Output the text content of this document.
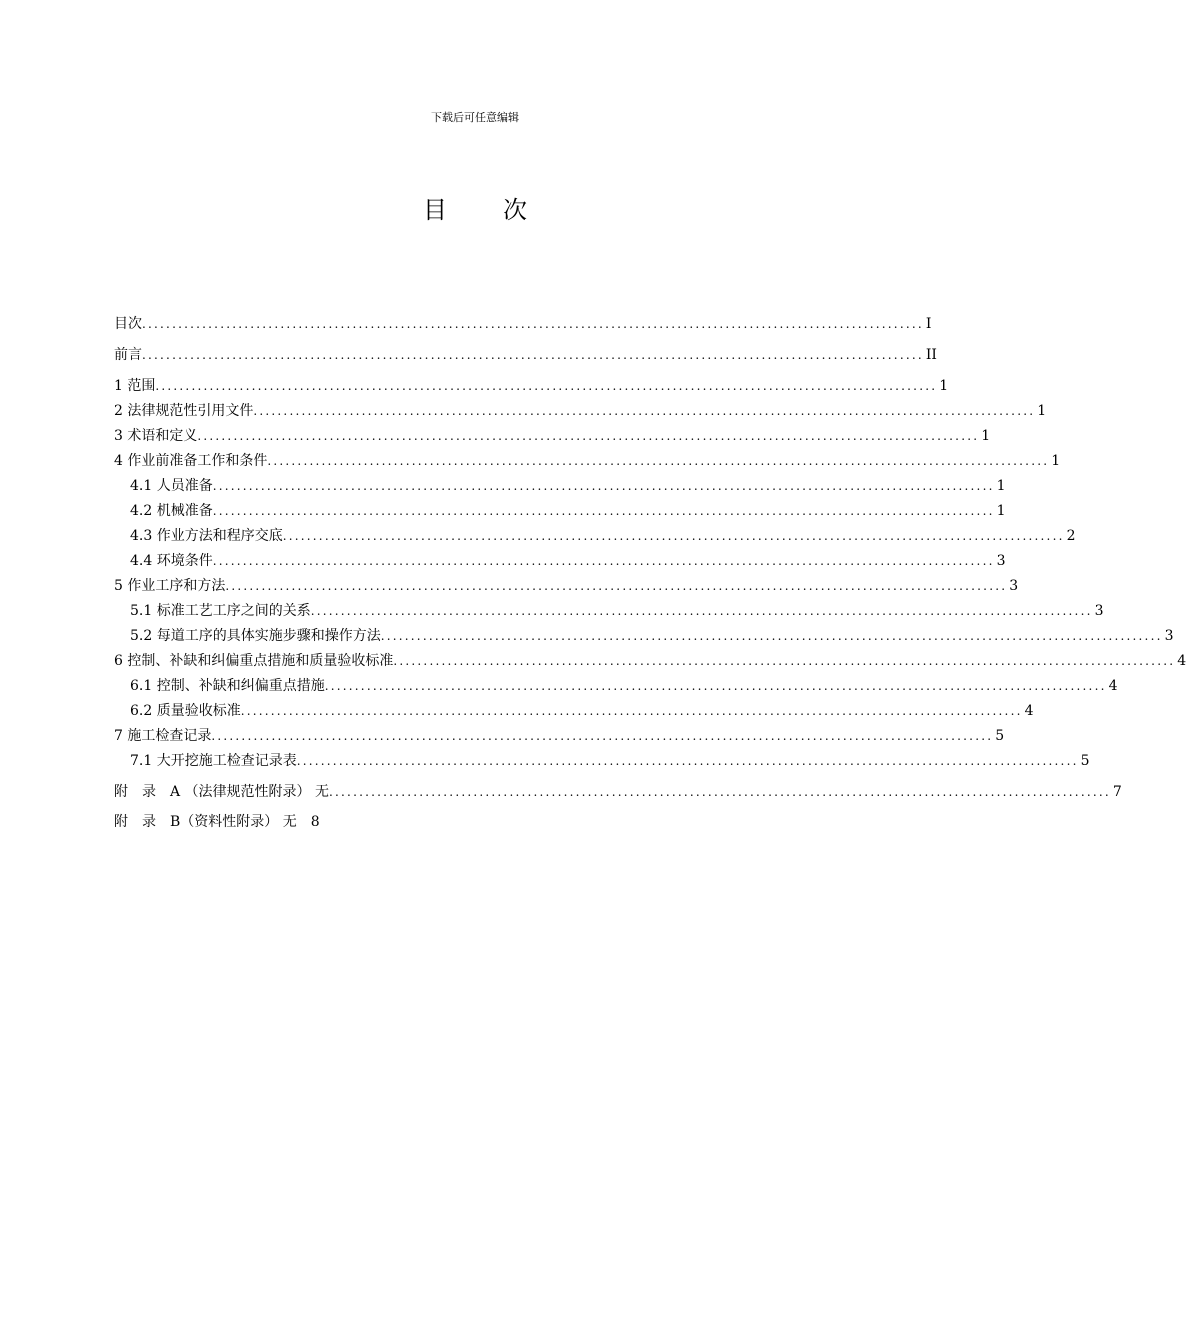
下载后可任意编辑
目 次
目次 .................................................................................................................................. I
前言 .................................................................................................................................. II
1 范围 .................................................................................................................................. 1
2 法律规范性引用文件 .................................................................................................................................. 1
3 术语和定义 .................................................................................................................................. 1
4 作业前准备工作和条件 .................................................................................................................................. 1
4.1 人员准备 .................................................................................................................................. 1
4.2 机械准备 .................................................................................................................................. 1
4.3 作业方法和程序交底 .................................................................................................................................. 2
4.4 环境条件 .................................................................................................................................. 3
5 作业工序和方法 .................................................................................................................................. 3
5.1 标准工艺工序之间的关系 .................................................................................................................................. 3
5.2 每道工序的具体实施步骤和操作方法 .................................................................................................................................. 3
6 控制、补缺和纠偏重点措施和质量验收标准 .................................................................................................................................. 4
6.1 控制、补缺和纠偏重点措施 .................................................................................................................................. 4
6.2 质量验收标准 .................................................................................................................................. 4
7 施工检查记录 .................................................................................................................................. 5
7.1 大开挖施工检查记录表 .................................................................................................................................. 5
附　录　A （法律规范性附录） 无 .................................................................................................................................. 7
附　录　B（资料性附录） 无　8
